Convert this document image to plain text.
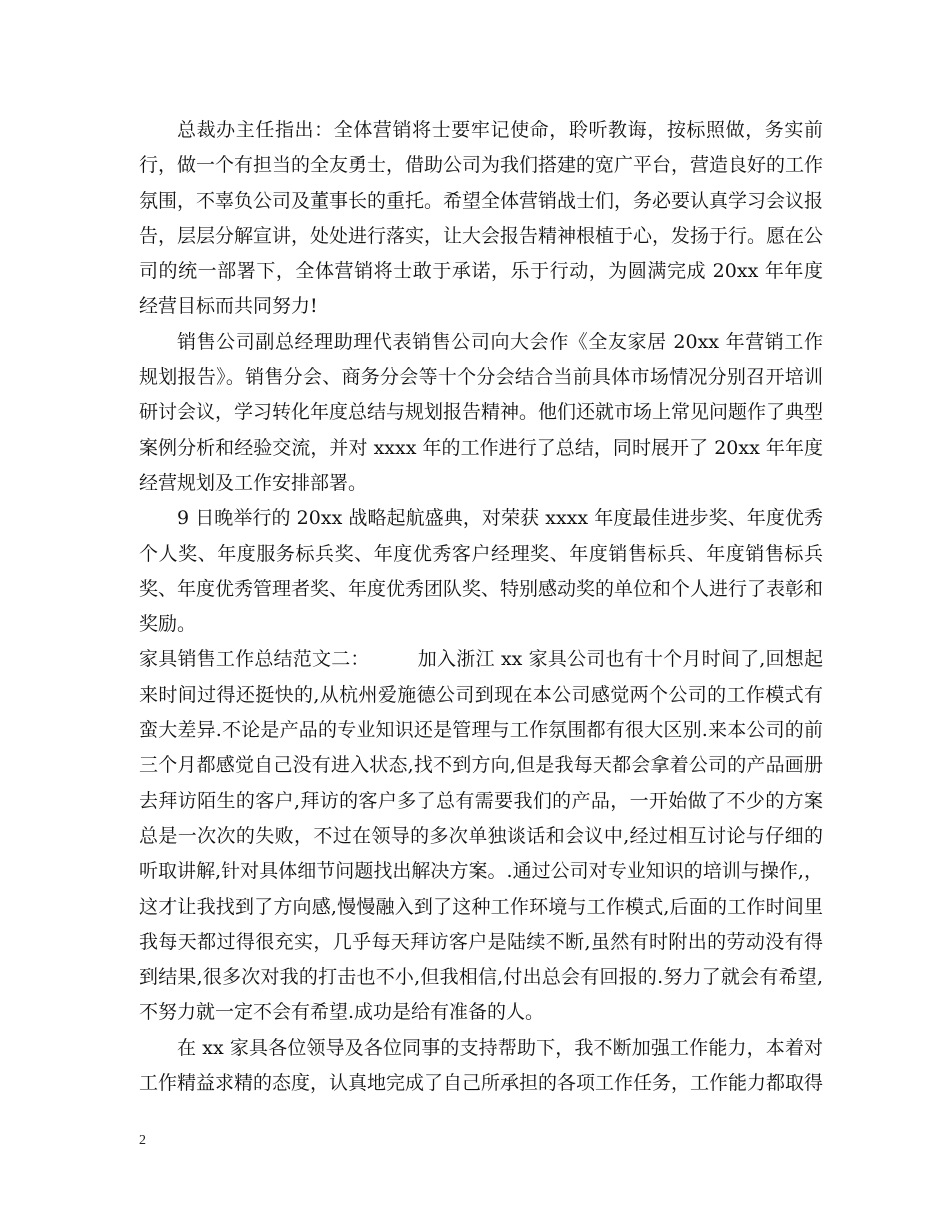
总裁办主任指出：全体营销将士要牢记使命，聆听教诲，按标照做，务实前行，做一个有担当的全友勇士，借助公司为我们搭建的宽广平台，营造良好的工作氛围，不辜负公司及董事长的重托。希望全体营销战士们，务必要认真学习会议报告，层层分解宣讲，处处进行落实，让大会报告精神根植于心，发扬于行。愿在公司的统一部署下，全体营销将士敢于承诺，乐于行动，为圆满完成 20xx 年年度经营目标而共同努力!

销售公司副总经理助理代表销售公司向大会作《全友家居 20xx 年营销工作规划报告》。销售分会、商务分会等十个分会结合当前具体市场情况分别召开培训研讨会议，学习转化年度总结与规划报告精神。他们还就市场上常见问题作了典型案例分析和经验交流，并对 xxxx 年的工作进行了总结，同时展开了 20xx 年年度经营规划及工作安排部署。

9 日晚举行的 20xx 战略起航盛典，对荣获 xxxx 年度最佳进步奖、年度优秀个人奖、年度服务标兵奖、年度优秀客户经理奖、年度销售标兵、年度销售标兵奖、年度优秀管理者奖、年度优秀团队奖、特别感动奖的单位和个人进行了表彰和奖励。

家具销售工作总结范文二：　　　加入浙江 xx 家具公司也有十个月时间了,回想起来时间过得还挺快的,从杭州爱施德公司到现在本公司感觉两个公司的工作模式有蛮大差异.不论是产品的专业知识还是管理与工作氛围都有很大区别.来本公司的前三个月都感觉自己没有进入状态,找不到方向,但是我每天都会拿着公司的产品画册去拜访陌生的客户,拜访的客户多了总有需要我们的产品，一开始做了不少的方案总是一次次的失败，不过在领导的多次单独谈话和会议中,经过相互讨论与仔细的听取讲解,针对具体细节问题找出解决方案。.通过公司对专业知识的培训与操作,，这才让我找到了方向感,慢慢融入到了这种工作环境与工作模式,后面的工作时间里我每天都过得很充实，几乎每天拜访客户是陆续不断,虽然有时附出的劳动没有得到结果,很多次对我的打击也不小,但我相信,付出总会有回报的.努力了就会有希望,不努力就一定不会有希望.成功是给有准备的人。

在 xx 家具各位领导及各位同事的支持帮助下，我不断加强工作能力，本着对工作精益求精的态度，认真地完成了自己所承担的各项工作任务，工作能力都取得

2
